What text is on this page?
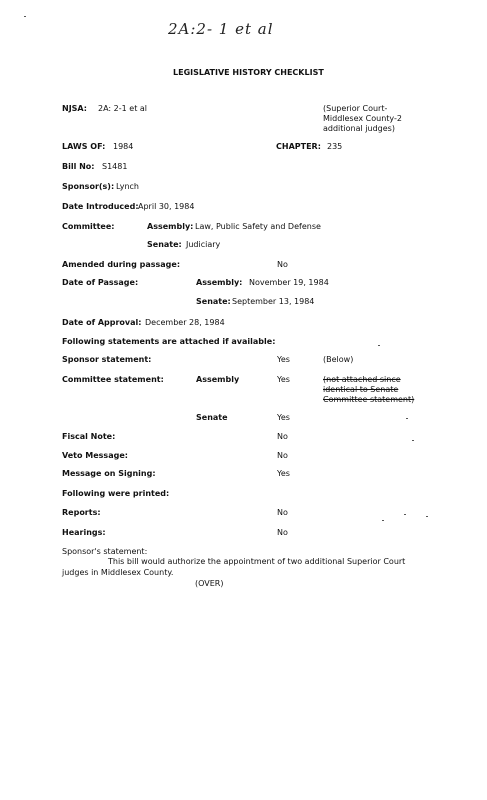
2A:2- 1 et al
LEGISLATIVE HISTORY CHECKLIST
NJSA: 2A: 2-1 et al	(Superior Court-
Middlesex County-2
additional judges)
LAWS OF: 1984	CHAPTER: 235
Bill No: S1481
Sponsor(s): Lynch
Date Introduced: April 30, 1984
Committee:	Assembly: Law, Public Safety and Defense
Senate: Judiciary
Amended during passage:	No
Date of Passage:	Assembly: November 19, 1984
Senate: September 13, 1984
Date of Approval: December 28, 1984
Following statements are attached if available:
Sponsor statement:	Yes	(Below)
Committee statement:	Assembly	Yes	(not attached since
identical to Senate
Committee statement)
Senate	Yes
Fiscal Note:	No
Veto Message:	No
Message on Signing:	Yes
Following were printed:
Reports:	No
Hearings:	No
Sponsor's statement:
This bill would authorize the appointment of two additional Superior Court
judges in Middlesex County.
(OVER)
